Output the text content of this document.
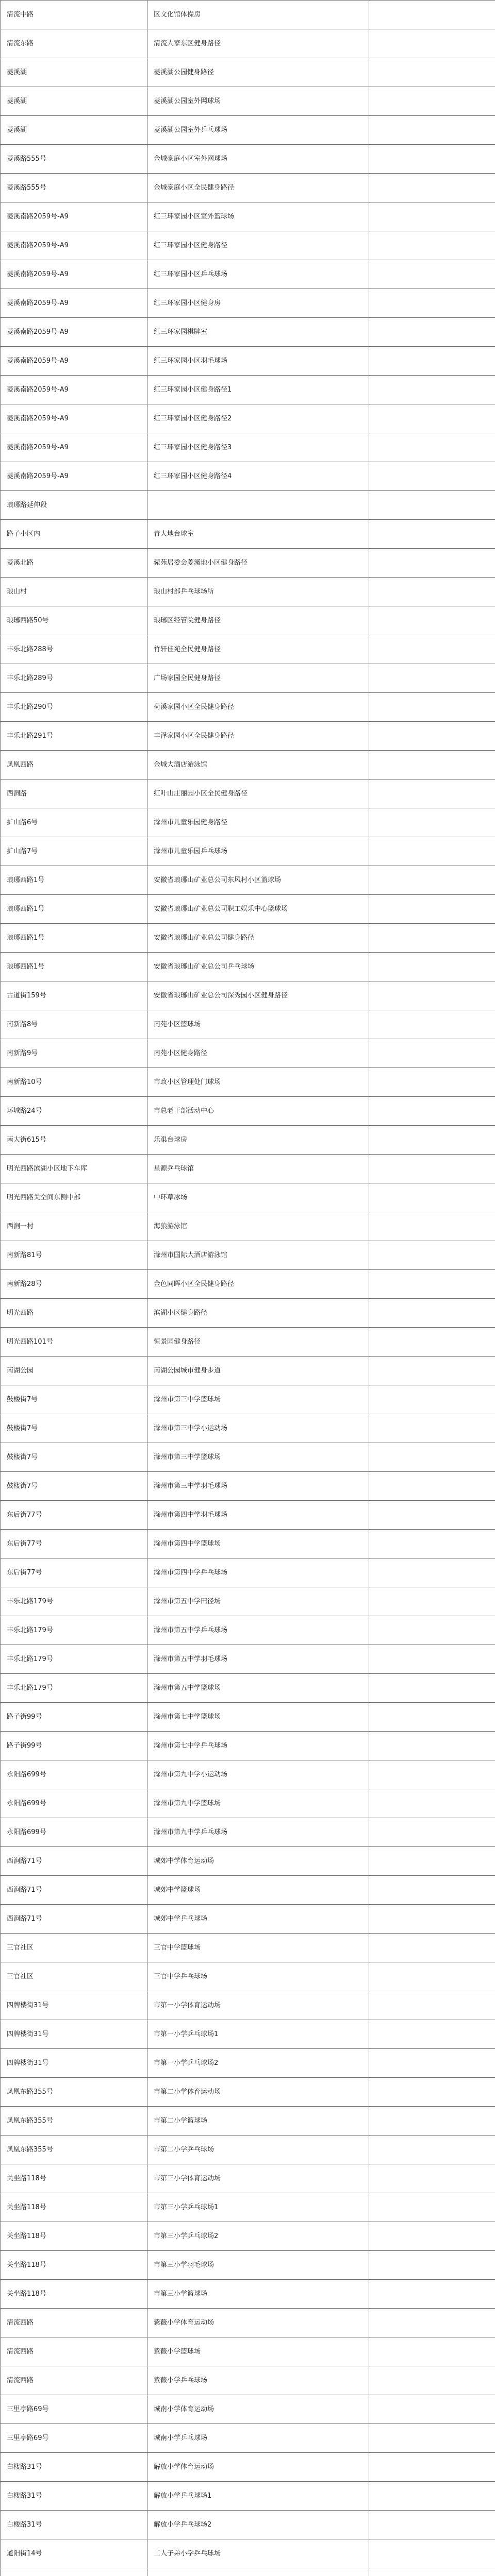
清流中路	区文化馆体操房	
清流东路	清流人家东区健身路径	
菱溪湖	菱溪湖公园健身路径	
菱溪湖	菱溪湖公园室外网球场	
菱溪湖	菱溪湖公园室外乒乓球场	
菱溪路555号	金城豪庭小区室外网球场	
菱溪路555号	金城豪庭小区全民健身路径	
菱溪南路2059号-A9	红三环家园小区室外篮球场	
菱溪南路2059号-A9	红三环家园小区健身路径	
菱溪南路2059号-A9	红三环家园小区乒乓球场	
菱溪南路2059号-A9	红三环家园小区健身房	
菱溪南路2059号-A9	红三环家园棋牌室	
菱溪南路2059号-A9	红三环家园小区羽毛球场	
菱溪南路2059号-A9	红三环家园小区健身路径1	
菱溪南路2059号-A9	红三环家园小区健身路径2	
菱溪南路2059号-A9	红三环家园小区健身路径3	
菱溪南路2059号-A9	红三环家园小区健身路径4	
琅琊路延伸段		
路子小区内	青大地台球室	
菱溪北路	菀苑居委会菱溪地小区健身路径	
琅山村	琅山村部乒乓球场所	
琅琊西路50号	琅琊区经管院健身路径	
丰乐北路288号	竹轩佳苑全民健身路径	
丰乐北路289号	广场家园全民健身路径	
丰乐北路290号	荷溪家园小区全民健身路径	
丰乐北路291号	丰泽家园小区全民健身路径	
凤凰西路	金城大酒店游泳馆	
西涧路	红叶山庄丽园小区全民健身路径	
扩山路6号	滁州市儿童乐园健身路径	
扩山路7号	滁州市儿童乐园乒乓球场	
琅琊西路1号	安徽省琅琊山矿业总公司东风村小区篮球场	
琅琊西路1号	安徽省琅琊山矿业总公司职工娱乐中心篮球场	
琅琊西路1号	安徽省琅琊山矿业总公司健身路径	
琅琊西路1号	安徽省琅琊山矿业总公司乒乓球场	
古道街159号	安徽省琅琊山矿业总公司深秀园小区健身路径	
南新路8号	南苑小区篮球场	
南新路9号	南苑小区健身路径	
南新路10号	市政小区管理处门球场	
环城路24号	市总老干部活动中心	
南大街615号	乐巢台球房	
明光西路滨湖小区地下车库	星源乒乓球馆	
明光西路关空间东侧中部	中环草冰场	
西涧一村	海狼游泳馆	
南新路81号	滁州市国际大酒店游泳馆	
南新路28号	金色同晖小区全民健身路径	
明光西路	滨湖小区健身路径	
明光西路101号	恒景园健身路径	
南湖公园	南湖公园城市健身步道	
鼓楼街7号	滁州市第三中学篮球场	
鼓楼街7号	滁州市第三中学小运动场	
鼓楼街7号	滁州市第三中学篮球场	
鼓楼街7号	滁州市第三中学羽毛球场	
东后街77号	滁州市第四中学羽毛球场	
东后街77号	滁州市第四中学篮球场	
东后街77号	滁州市第四中学乒乓球场	
丰乐北路179号	滁州市第五中学田径场	
丰乐北路179号	滁州市第五中学乒乓球场	
丰乐北路179号	滁州市第五中学羽毛球场	
丰乐北路179号	滁州市第五中学篮球场	
路子街99号	滁州市第七中学篮球场	
路子街99号	滁州市第七中学乒乓球场	
永阳路699号	滁州市第九中学小运动场	
永阳路699号	滁州市第九中学篮球场	
永阳路699号	滁州市第九中学乒乓球场	
西涧路71号	城郊中学体育运动场	
西涧路71号	城郊中学篮球场	
西涧路71号	城郊中学乒乓球场	
三官社区	三官中学篮球场	
三官社区	三官中学乒乓球场	
四牌楼街31号	市第一小学体育运动场	
四牌楼街31号	市第一小学乒乓球场1	
四牌楼街31号	市第一小学乒乓球场2	
凤凰东路355号	市第二小学体育运动场	
凤凰东路355号	市第二小学篮球场	
凤凰东路355号	市第二小学乒乓球场	
关坐路118号	市第三小学体育运动场	
关坐路118号	市第三小学乒乓球场1	
关坐路118号	市第三小学乒乓球场2	
关坐路118号	市第三小学羽毛球场	
关坐路118号	市第三小学篮球场	
清流西路	紫薇小学体育运动场	
清流西路	紫薇小学篮球场	
清流西路	紫薇小学乒乓球场	
三里亭路69号	城南小学体育运动场	
三里亭路69号	城南小学乒乓球场	
白楼路31号	解放小学体育运动场	
白楼路31号	解放小学乒乓球场1	
白楼路31号	解放小学乒乓球场2	
道阳街14号	工人子弟小学乒乓球场	
